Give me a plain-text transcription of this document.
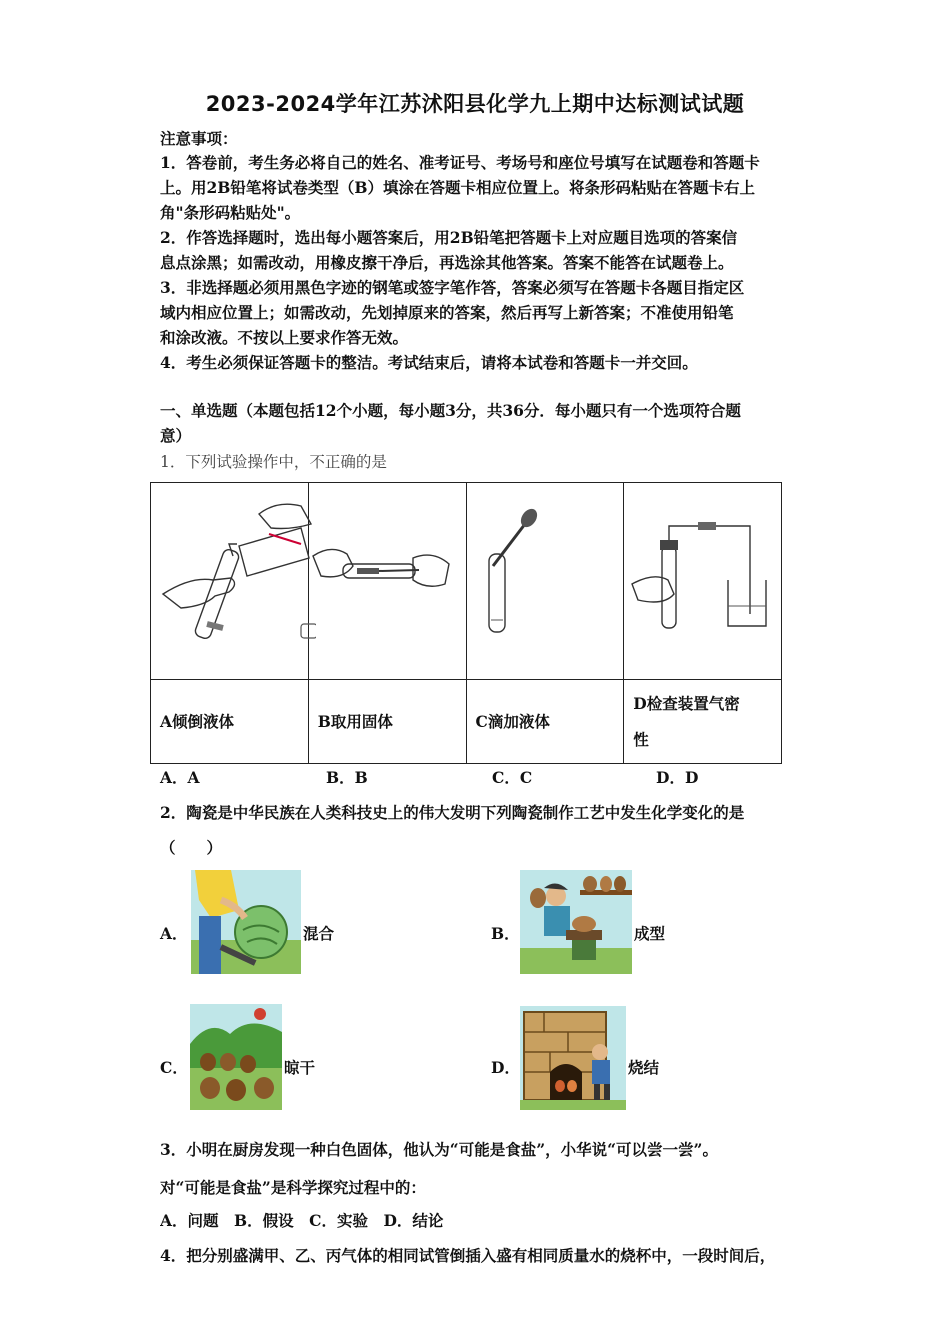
2023-2024学年江苏沭阳县化学九上期中达标测试试题
注意事项：
1．答卷前，考生务必将自己的姓名、准考证号、考场号和座位号填写在试题卷和答题卡
上。用2B铅笔将试卷类型（B）填涂在答题卡相应位置上。将条形码粘贴在答题卡右上
角"条形码粘贴处"。
2．作答选择题时，选出每小题答案后，用2B铅笔把答题卡上对应题目选项的答案信
息点涂黑；如需改动，用橡皮擦干净后，再选涂其他答案。答案不能答在试题卷上。
3．非选择题必须用黑色字迹的钢笔或签字笔作答，答案必须写在答题卡各题目指定区
域内相应位置上；如需改动，先划掉原来的答案，然后再写上新答案；不准使用铅笔
和涂改液。不按以上要求作答无效。
4．考生必须保证答题卡的整洁。考试结束后，请将本试卷和答题卡一并交回。
一、单选题（本题包括12个小题，每小题3分，共36分．每小题只有一个选项符合题
意）
1．下列试验操作中，不正确的是

A倾倒液体	B取用固体	C滴加液体	D检查装置气密
性
A．A	B．B	C．C	D．D
2．陶瓷是中华民族在人类科技史上的伟大发明下列陶瓷制作工艺中发生化学变化的是
（　　）
A．	混合	B．	成型
C．	晾干	D．	烧结
3．小明在厨房发现一种白色固体，他认为“可能是食盐”，小华说“可以尝一尝”。
对“可能是食盐”是科学探究过程中的：
A．问题　B．假设　C．实验　D．结论
4．把分别盛满甲、乙、丙气体的相同试管倒插入盛有相同质量水的烧杯中，一段时间后，
